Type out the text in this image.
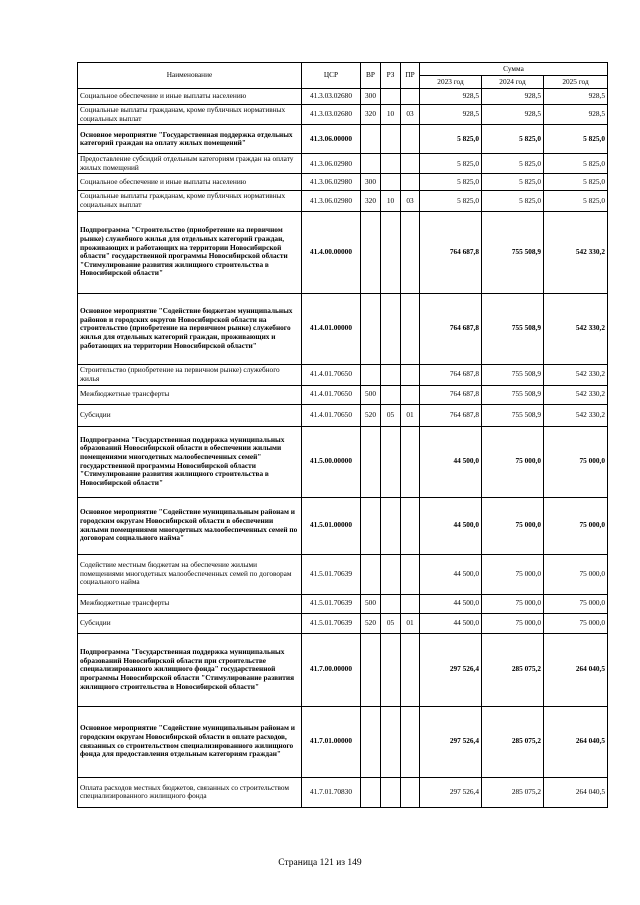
Наименование	ЦСР	ВР	РЗ	ПР	Сумма		
					2023 год	2024 год	2025 год
Социальное обеспечение и иные выплаты населению	41.3.03.02680	300			928,5	928,5	928,5
Социальные выплаты гражданам, кроме публичных нормативных социальных выплат	41.3.03.02680	320	10	03	928,5	928,5	928,5
Основное мероприятие "Государственная поддержка отдельных категорий граждан на оплату жилых помещений"	41.3.06.00000				5 825,0	5 825,0	5 825,0
Предоставление субсидий отдельным категориям граждан на оплату жилых помещений	41.3.06.02980				5 825,0	5 825,0	5 825,0
Социальное обеспечение и иные выплаты населению	41.3.06.02980	300			5 825,0	5 825,0	5 825,0
Социальные выплаты гражданам, кроме публичных нормативных социальных выплат	41.3.06.02980	320	10	03	5 825,0	5 825,0	5 825,0
Подпрограмма "Строительство (приобретение на первичном рынке) служебного жилья для отдельных категорий граждан, проживающих и работающих на территории Новосибирской области" государственной программы Новосибирской области "Стимулирование развития жилищного строительства в Новосибирской области"	41.4.00.00000				764 687,8	755 508,9	542 330,2
Основное мероприятие "Содействие бюджетам муниципальных районов и городских округов Новосибирской области на строительство (приобретение на первичном рынке) служебного жилья для отдельных категорий граждан, проживающих и работающих на территории Новосибирской области"	41.4.01.00000				764 687,8	755 508,9	542 330,2
Строительство (приобретение на первичном рынке) служебного жилья	41.4.01.70650				764 687,8	755 508,9	542 330,2
Межбюджетные трансферты	41.4.01.70650	500			764 687,8	755 508,9	542 330,2
Субсидии	41.4.01.70650	520	05	01	764 687,8	755 508,9	542 330,2
Подпрограмма "Государственная поддержка муниципальных образований Новосибирской области в обеспечении жилыми помещениями многодетных малообеспеченных семей" государственной программы Новосибирской области "Стимулирование развития жилищного строительства в Новосибирской области"	41.5.00.00000				44 500,0	75 000,0	75 000,0
Основное мероприятие "Содействие муниципальным районам и городским округам Новосибирской области в обеспечении жилыми помещениями многодетных малообеспеченных семей по договорам социального найма"	41.5.01.00000				44 500,0	75 000,0	75 000,0
Содействие местным бюджетам на обеспечение жилыми помещениями многодетных малообеспеченных семей по договорам социального найма	41.5.01.70639				44 500,0	75 000,0	75 000,0
Межбюджетные трансферты	41.5.01.70639	500			44 500,0	75 000,0	75 000,0
Субсидии	41.5.01.70639	520	05	01	44 500,0	75 000,0	75 000,0
Подпрограмма "Государственная поддержка муниципальных образований Новосибирской области при строительстве специализированного жилищного фонда" государственной программы Новосибирской области "Стимулирование развития жилищного строительства в Новосибирской области"	41.7.00.00000				297 526,4	285 075,2	264 040,5
Основное мероприятие "Содействие муниципальным районам и городским округам Новосибирской области в оплате расходов, связанных со строительством специализированного жилищного фонда для предоставления отдельным категориям граждан"	41.7.01.00000				297 526,4	285 075,2	264 040,5
Оплата расходов местных бюджетов, связанных со строительством специализированного жилищного фонда	41.7.01.70830				297 526,4	285 075,2	264 040,5
Страница 121 из 149
